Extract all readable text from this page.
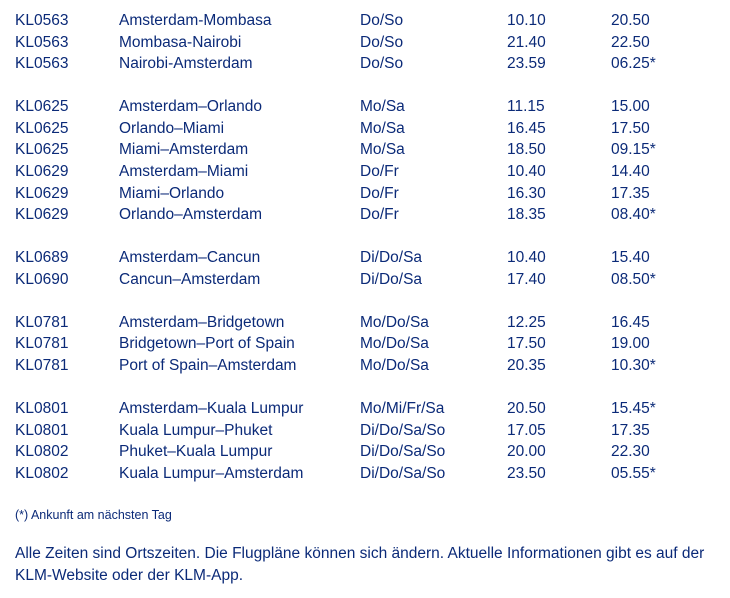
KL0563	Amsterdam-Mombasa	Do/So	10.10	20.50
KL0563	Mombasa-Nairobi	Do/So	21.40	22.50
KL0563	Nairobi-Amsterdam	Do/So	23.59	06.25*
KL0625	Amsterdam–Orlando	Mo/Sa	11.15	15.00
KL0625	Orlando–Miami	Mo/Sa	16.45	17.50
KL0625	Miami–Amsterdam	Mo/Sa	18.50	09.15*
KL0629	Amsterdam–Miami	Do/Fr	10.40	14.40
KL0629	Miami–Orlando	Do/Fr	16.30	17.35
KL0629	Orlando–Amsterdam	Do/Fr	18.35	08.40*
KL0689	Amsterdam–Cancun	Di/Do/Sa	10.40	15.40
KL0690	Cancun–Amsterdam	Di/Do/Sa	17.40	08.50*
KL0781	Amsterdam–Bridgetown	Mo/Do/Sa	12.25	16.45
KL0781	Bridgetown–Port of Spain	Mo/Do/Sa	17.50	19.00
KL0781	Port of Spain–Amsterdam	Mo/Do/Sa	20.35	10.30*
KL0801	Amsterdam–Kuala Lumpur	Mo/Mi/Fr/Sa	20.50	15.45*
KL0801	Kuala Lumpur–Phuket	Di/Do/Sa/So	17.05	17.35
KL0802	Phuket–Kuala Lumpur	Di/Do/Sa/So	20.00	22.30
KL0802	Kuala Lumpur–Amsterdam	Di/Do/Sa/So	23.50	05.55*
(*) Ankunft am nächsten Tag
Alle Zeiten sind Ortszeiten. Die Flugpläne können sich ändern. Aktuelle Informationen gibt es auf der KLM-Website oder der KLM-App.
